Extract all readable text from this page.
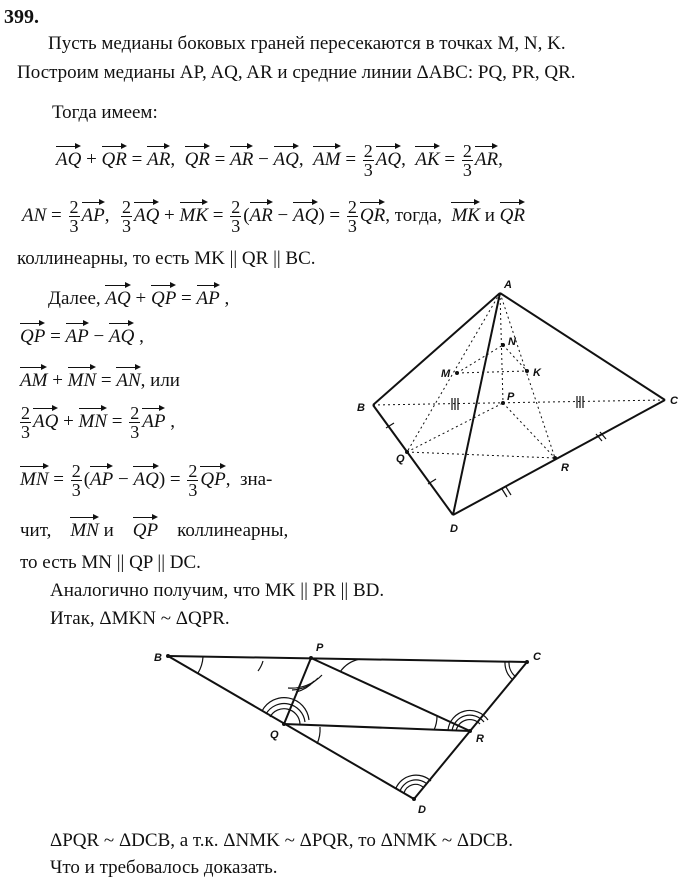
399.
Пусть медианы боковых граней пересекаются в точках M, N, K.
Построим медианы AP, AQ, AR и средние линии ΔABC: PQ, PR, QR.
Тогда имеем:
AQ + QR = AR, QR = AR − AQ, AM = $\frac{2}{3}$ AQ, AK = $\frac{2}{3}$ AR,
AN = $\frac{2}{3}$ AP, $\frac{2}{3}$ AQ + MK = $\frac{2}{3} (AR - AQ) = \frac{2}{3}$ QR, тогда, MK и QR
коллинеарны, то есть MK || QR || BC.
Далее, AQ + QP = AP ,
QP = AP − AQ ,
AM + MN = AN, или
$\frac{2}{3}$ AQ + MN = $\frac{2}{3}$ AP ,
MN = $\frac{2}{3} (AP - AQ) = \frac{2}{3}$ QP, зна-
чит, MN и QP коллинеарны,
то есть MN || QP || DC.
Аналогично получим, что MK || PR || BD.
Итак, ΔMKN ~ ΔQPR.
A
N
M	K
P
B
C
Q
R
D
B
P
C
Q	R
D
ΔPQR ~ ΔDCB, а т.к. ΔNMK ~ ΔPQR, то ΔNMK ~ ΔDCB.
Что и требовалось доказать.
